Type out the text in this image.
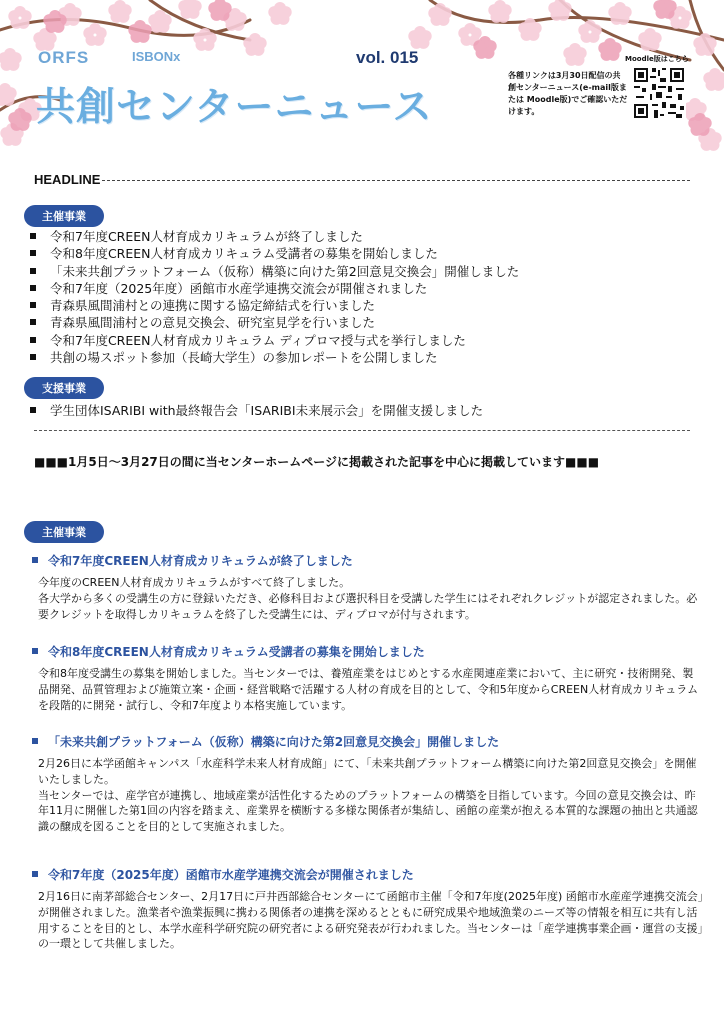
ORFS	ISBONx	vol. 015
共創センターニュース
各種リンクは3月30日配信の共創センターニュース(e-mail版または Moodle版)でご確認いただけます。
Moodle版はこちら
HEADLINE
主催事業
令和7年度CREEN人材育成カリキュラムが終了しました
令和8年度CREEN人材育成カリキュラム受講者の募集を開始しました
「未来共創プラットフォーム（仮称）構築に向けた第2回意見交換会」開催しました
令和7年度（2025年度）函館市水産学連携交流会が開催されました
青森県風間浦村との連携に関する協定締結式を行いました
青森県風間浦村との意見交換会、研究室見学を行いました
令和7年度CREEN人材育成カリキュラム ディプロマ授与式を挙行しました
共創の場スポット参加（長崎大学生）の参加レポートを公開しました
支援事業
学生団体ISARIBI with最終報告会「ISARIBI未来展示会」を開催支援しました
■■■1月5日～3月27日の間に当センターホームページに掲載された記事を中心に掲載しています■■■
主催事業
令和7年度CREEN人材育成カリキュラムが終了しました

今年度のCREEN人材育成カリキュラムがすべて終了しました。

各大学から多くの受講生の方に登録いただき、必修科目および選択科目を受講した学生にはそれぞれクレジットが認定されました。必要クレジットを取得しカリキュラムを終了した受講生には、ディプロマが付与されます。

令和8年度CREEN人材育成カリキュラム受講者の募集を開始しました

令和8年度受講生の募集を開始しました。当センターでは、養殖産業をはじめとする水産関連産業において、主に研究・技術開発、製品開発、品質管理および施策立案・企画・経営戦略で活躍する人材の育成を目的として、令和5年度からCREEN人材育成カリキュラムを段階的に開発・試行し、令和7年度より本格実施しています。

「未来共創プラットフォーム（仮称）構築に向けた第2回意見交換会」開催しました

2月26日に本学函館キャンパス「水産科学未来人材育成館」にて、「未来共創プラットフォーム構築に向けた第2回意見交換会」を開催いたしました。

当センターでは、産学官が連携し、地域産業が活性化するためのプラットフォームの構築を目指しています。今回の意見交換会は、昨年11月に開催した第1回の内容を踏まえ、産業界を横断する多様な関係者が集結し、函館の産業が抱える本質的な課題の抽出と共通認識の醸成を図ることを目的として実施されました。

令和7年度（2025年度）函館市水産学連携交流会が開催されました

2月16日に南茅部総合センター、2月17日に戸井西部総合センターにて函館市主催「令和7年度(2025年度) 函館市水産産学連携交流会」が開催されました。漁業者や漁業振興に携わる関係者の連携を深めるとともに研究成果や地域漁業のニーズ等の情報を相互に共有し活用することを目的とし、本学水産科学研究院の研究者による研究発表が行われました。当センターは「産学連携事業企画・運営の支援」の一環として共催しました。
